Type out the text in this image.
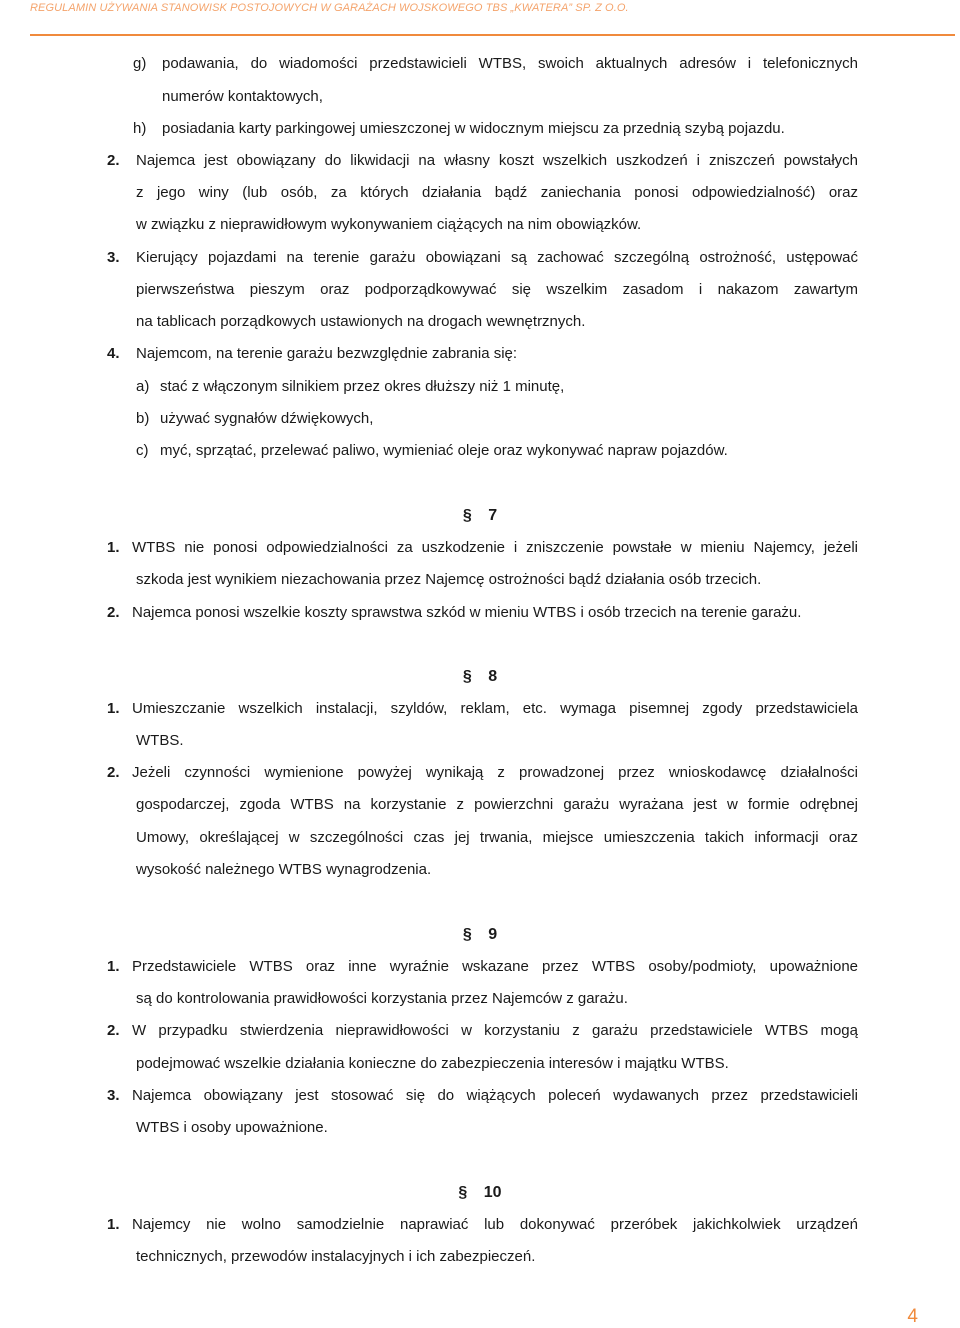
REGULAMIN UŻYWANIA STANOWISK POSTOJOWYCH W GARAŻACH WOJSKOWEGO TBS „KWATERA” SP. Z O.O.
g) podawania, do wiadomości przedstawicieli WTBS, swoich aktualnych adresów i telefonicznych
numerów kontaktowych,
h) posiadania karty parkingowej umieszczonej w widocznym miejscu za przednią szybą pojazdu.
2. Najemca jest obowiązany do likwidacji na własny koszt wszelkich uszkodzeń i zniszczeń powstałych
z jego winy (lub osób, za których działania bądź zaniechania ponosi odpowiedzialność) oraz
w związku z nieprawidłowym wykonywaniem ciążących na nim obowiązków.
3. Kierujący pojazdami na terenie garażu obowiązani są zachować szczególną ostrożność, ustępować
pierwszeństwa pieszym oraz podporządkowywać się wszelkim zasadom i nakazom zawartym
na tablicach porządkowych ustawionych na drogach wewnętrznych.
4. Najemcom, na terenie garażu bezwzględnie zabrania się:
a) stać z włączonym silnikiem przez okres dłuższy niż 1 minutę,
b) używać sygnałów dźwiękowych,
c) myć, sprzątać, przelewać paliwo, wymieniać oleje oraz wykonywać napraw pojazdów.
§ 7
1. WTBS nie ponosi odpowiedzialności za uszkodzenie i zniszczenie powstałe w mieniu Najemcy, jeżeli
szkoda jest wynikiem niezachowania przez Najemcę ostrożności bądź działania osób trzecich.
2. Najemca ponosi wszelkie koszty sprawstwa szkód w mieniu WTBS i osób trzecich na terenie garażu.
§ 8
1. Umieszczanie wszelkich instalacji, szyldów, reklam, etc. wymaga pisemnej zgody przedstawiciela
WTBS.
2. Jeżeli czynności wymienione powyżej wynikają z prowadzonej przez wnioskodawcę działalności
gospodarczej, zgoda WTBS na korzystanie z powierzchni garażu wyrażana jest w formie odrębnej
Umowy, określającej w szczególności czas jej trwania, miejsce umieszczenia takich informacji oraz
wysokość należnego WTBS wynagrodzenia.
§ 9
1. Przedstawiciele WTBS oraz inne wyraźnie wskazane przez WTBS osoby/podmioty, upoważnione
są do kontrolowania prawidłowości korzystania przez Najemców z garażu.
2. W przypadku stwierdzenia nieprawidłowości w korzystaniu z garażu przedstawiciele WTBS mogą
podejmować wszelkie działania konieczne do zabezpieczenia interesów i majątku WTBS.
3. Najemca obowiązany jest stosować się do wiążących poleceń wydawanych przez przedstawicieli
WTBS i osoby upoważnione.
§ 10
1. Najemcy nie wolno samodzielnie naprawiać lub dokonywać przeróbek jakichkolwiek urządzeń
technicznych, przewodów instalacyjnych i ich zabezpieczeń.
4
